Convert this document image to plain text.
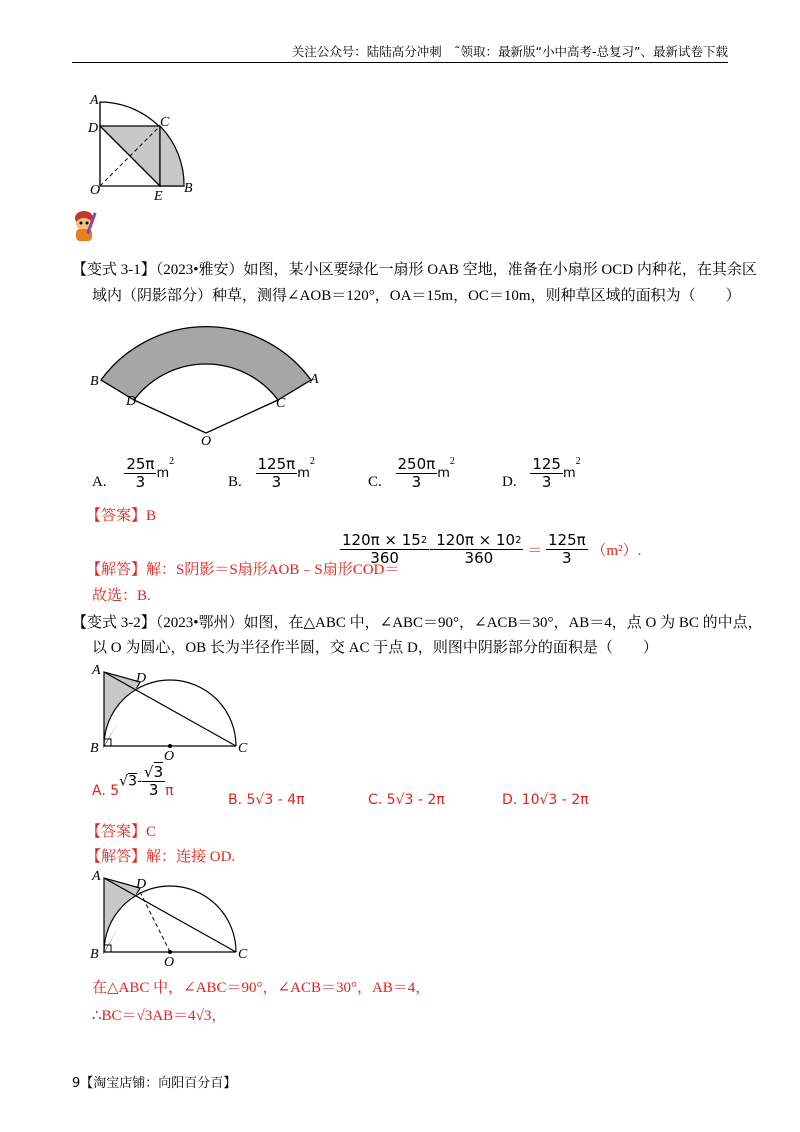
关注公众号：陆陆高分冲刺　˜领取：最新版“小中高考-总复习”、最新试卷下载
A
D	C
O	E
B
【变式 3-1】（2023•雅安）如图，某小区要绿化一扇形 OAB 空地，准备在小扇形 OCD 内种花，在其余区
域内（阴影部分）种草，测得∠AOB＝120°，OA＝15m，OC＝10m，则种草区域的面积为（　　）
B
D	C
A
O
A. $\frac{25\pi}{3} m^2$
B. $\frac{125\pi}{3} m^2$
C. $\frac{250\pi}{3} m^2$
D. $\frac{125}{3} m^2$
【答案】B
【解答】解：S阴影＝S扇形AOB﹣S扇形COD＝
$\frac{120\pi \times 15^2}{360} - \frac{120\pi \times 10^2}{360} = \frac{125\pi}{3} (m^2)$.
故选：B.
【变式 3-2】（2023•鄂州）如图，在△ABC 中，∠ABC＝90°，∠ACB＝30°，AB＝4，点 O 为 BC 的中点，
以 O 为圆心，OB 长为半径作半圆，交 AC 于点 D，则图中阴影部分的面积是（　　）
A
D
B
O
C
A. $5√3- \frac{√3}{3}$ π
B. 5√3 - 4π	C. 5√3 - 2π	D. 10√3 - 2π
【答案】C
【解答】解：连接 OD.
A
D
B
O
C
在△ABC 中，∠ABC＝90°，∠ACB＝30°，AB＝4，
∴BC＝√3AB＝4√3，
9【淘宝店铺：向阳百分百】
